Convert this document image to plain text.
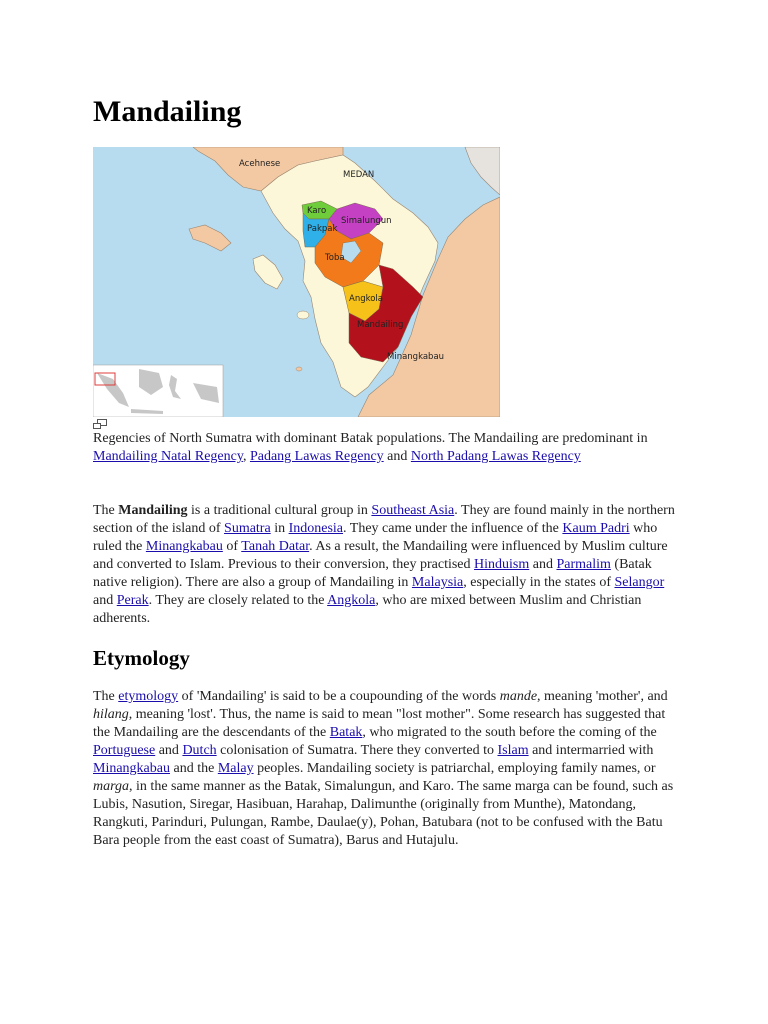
Mandailing
Acehnese
MEDAN
Karo
Simalungun
Pakpak
Toba
Angkola
Mandailing
Minangkabau

Regencies of North Sumatra with dominant Batak populations. The Mandailing are predominant in Mandailing Natal Regency, Padang Lawas Regency and North Padang Lawas Regency

The Mandailing is a traditional cultural group in Southeast Asia. They are found mainly in the northern section of the island of Sumatra in Indonesia. They came under the influence of the Kaum Padri who ruled the Minangkabau of Tanah Datar. As a result, the Mandailing were influenced by Muslim culture and converted to Islam. Previous to their conversion, they practised Hinduism and Parmalim (Batak native religion). There are also a group of Mandailing in Malaysia, especially in the states of Selangor and Perak. They are closely related to the Angkola, who are mixed between Muslim and Christian adherents.

Etymology

The etymology of 'Mandailing' is said to be a coupounding of the words mande, meaning 'mother', and hilang, meaning 'lost'. Thus, the name is said to mean "lost mother". Some research has suggested that the Mandailing are the descendants of the Batak, who migrated to the south before the coming of the Portuguese and Dutch colonisation of Sumatra. There they converted to Islam and intermarried with Minangkabau and the Malay peoples. Mandailing society is patriarchal, employing family names, or marga, in the same manner as the Batak, Simalungun, and Karo. The same marga can be found, such as Lubis, Nasution, Siregar, Hasibuan, Harahap, Dalimunthe (originally from Munthe), Matondang, Rangkuti, Parinduri, Pulungan, Rambe, Daulae(y), Pohan, Batubara (not to be confused with the Batu Bara people from the east coast of Sumatra), Barus and Hutajulu.
